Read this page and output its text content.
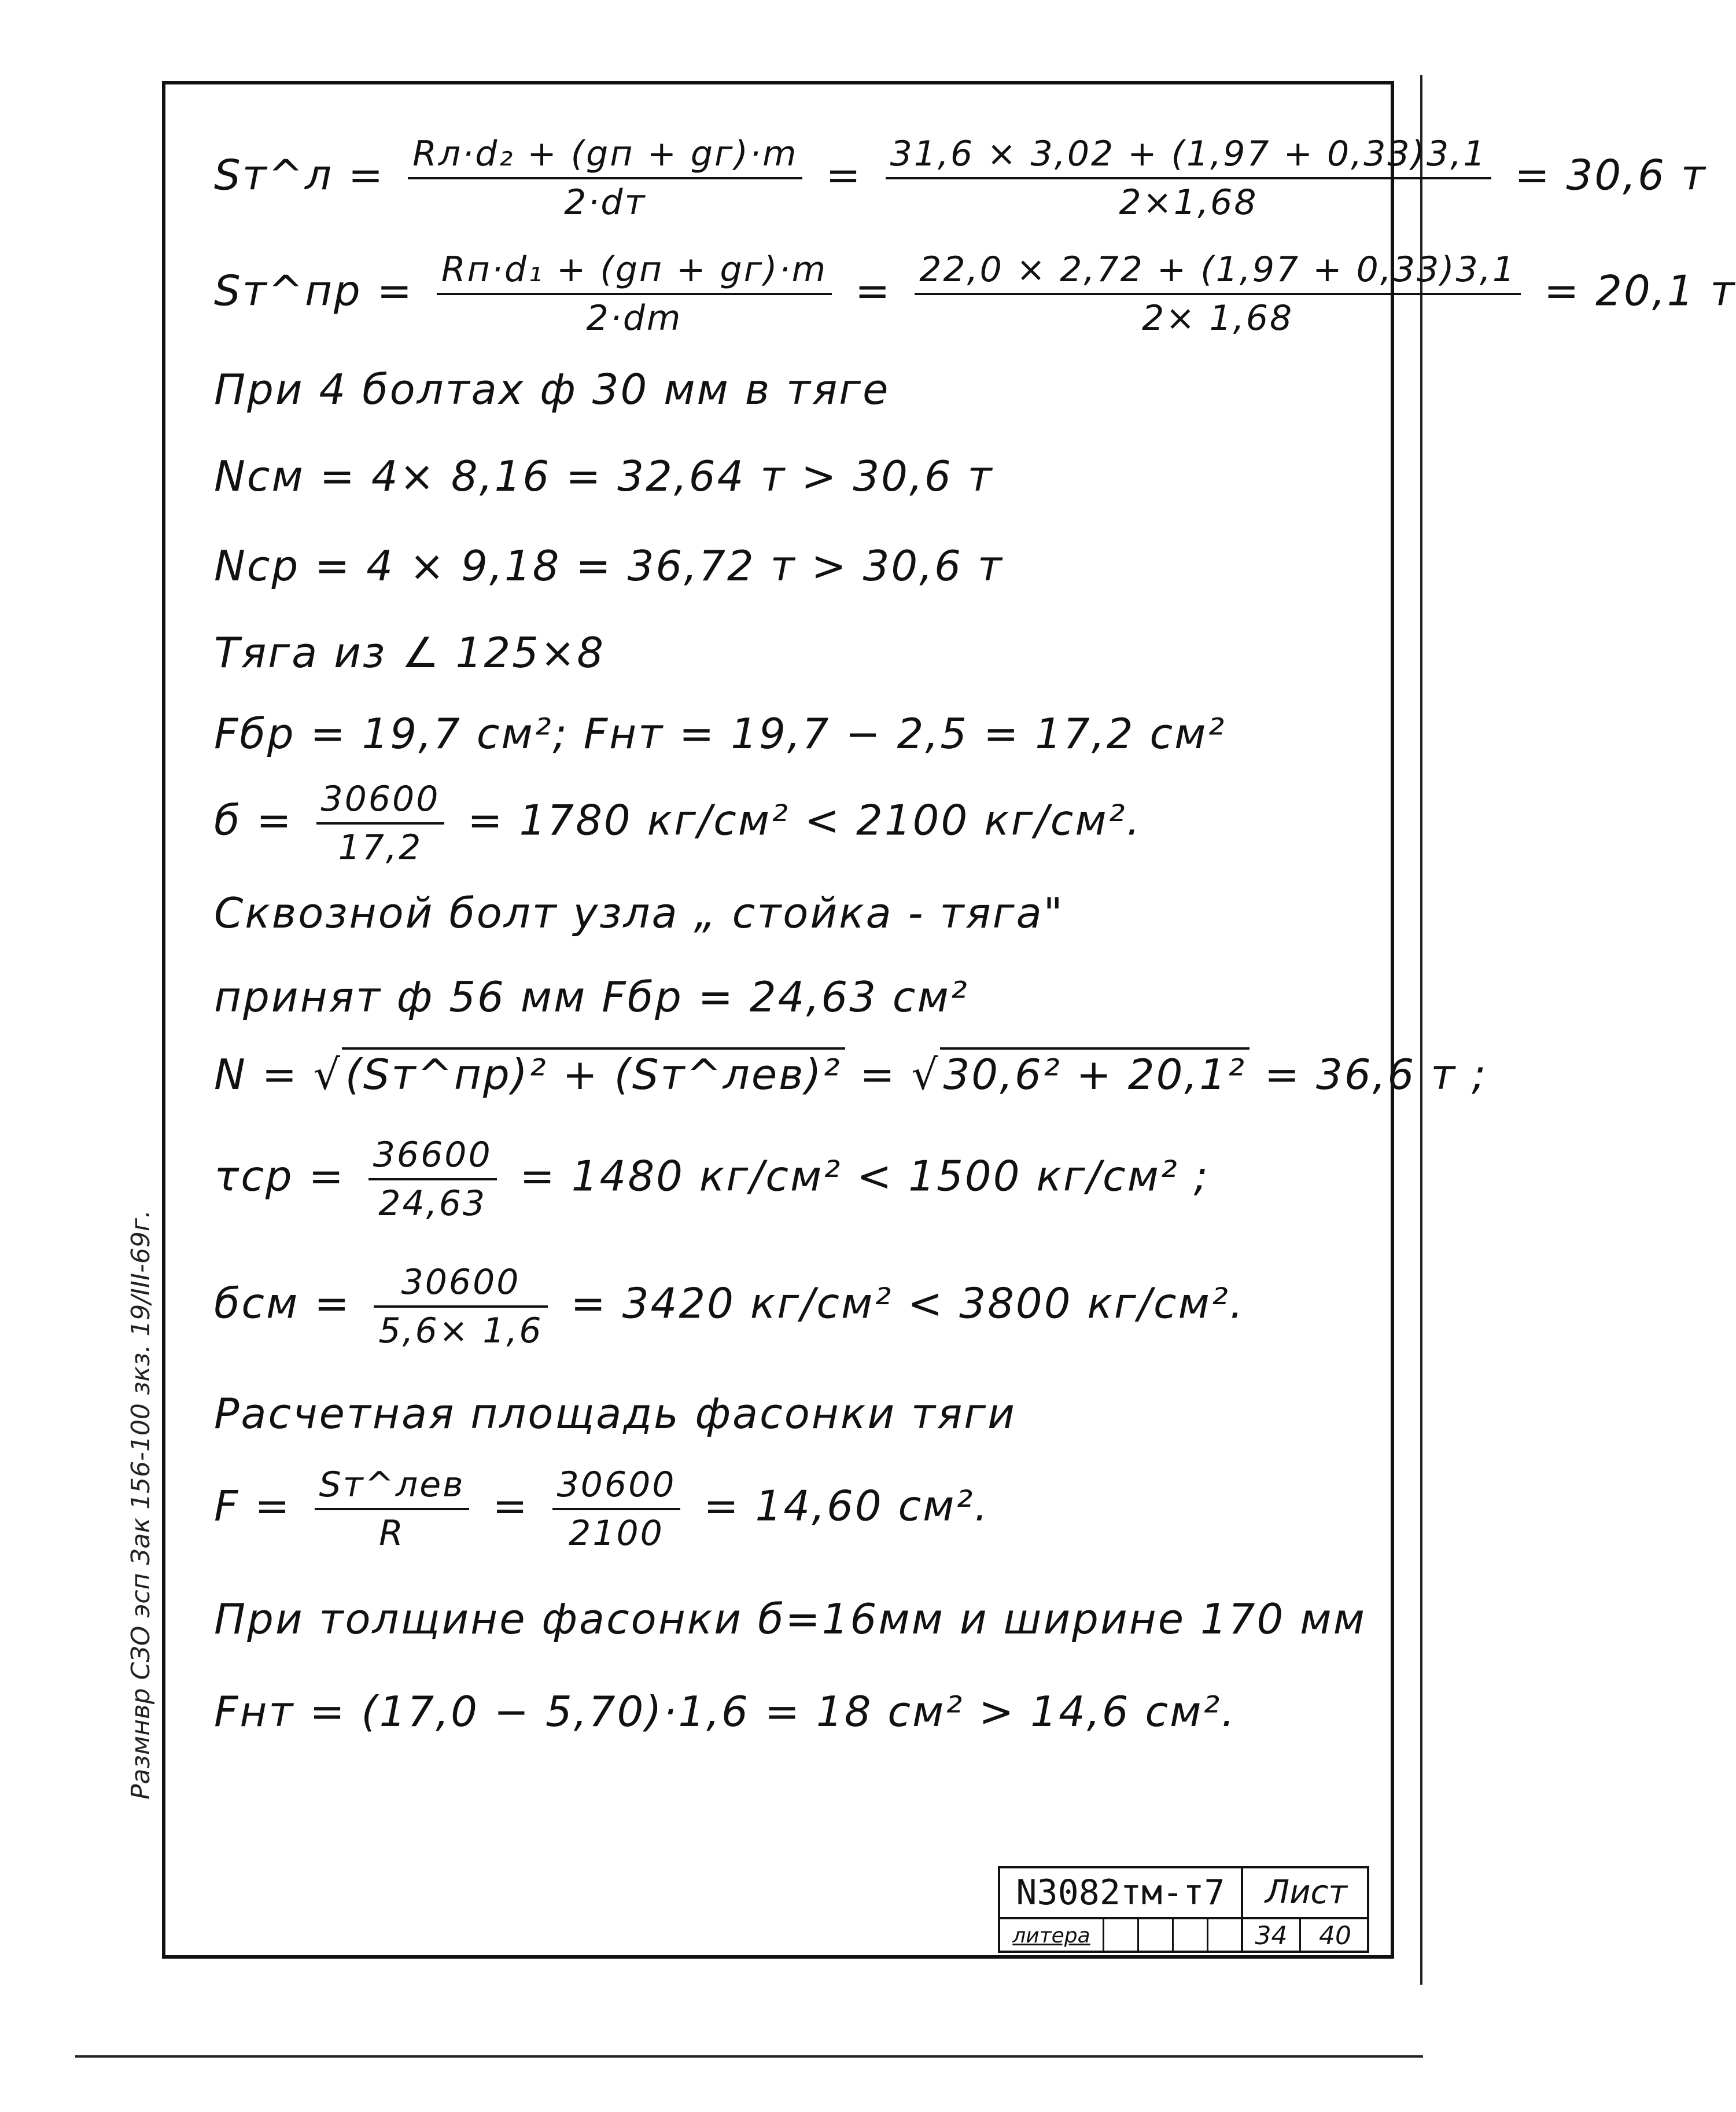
Sт^л = $\frac{\text{Rл·d₂ + (gп + gг)·m}}{2\cdot dт} = \frac{31,6 \times 3,02 + (1,97 + 0,33)3,1}{2\times 1,68} = 30,6$ т
Sт^пр = $\frac{\text{Rп·d₁ + (gп + gг)·m}}{2\cdot dm} = \frac{22,0 \times 2,72 + (1,97 + 0,33)3,1}{2\times 1,68} = 20,1$ т
При 4 болтах ф 30 мм в тяге
Nсм = 4× 8,16 = 32,64 т > 30,6 т
Nср = 4 × 9,18 = 36,72 т > 30,6 т
Тяга из ∠ 125×8
Fбр = 19,7 см²; Fнт = 19,7 − 2,5 = 17,2 см²
$б = \frac{30600}{17,2} = 1780$ кг/см² < 2100 кг/см².
Сквозной болт узла „ стойка - тяга"
принят ф 56 мм Fбр = 24,63 см²
N = √(Sт^пр)² + (Sт^лев)² = √30,6² + 20,1² = 36,6 т ;
$\tau ср = \frac{36600}{24,63} = 1480$ кг/см² < 1500 кг/см² ;
бсм = $\frac{30600}{5,6\times 1,6} = 3420$ кг/см² < 3800 кг/см².
Расчетная площадь фасонки тяги
$F = \frac{\text{Sт\textasciicircum{}лев}}{R} = \frac{30600}{2100} = 14,60$ см².
При толщине фасонки б=16мм и ширине 170 мм
Fнт = (17,0 − 5,70)·1,6 = 18 см² > 14,6 см².
Размнвр СЗО эсп Зак 156-100 зкз. 19/III-69г.
N3082тм-т7	Лист
литера	34	40
